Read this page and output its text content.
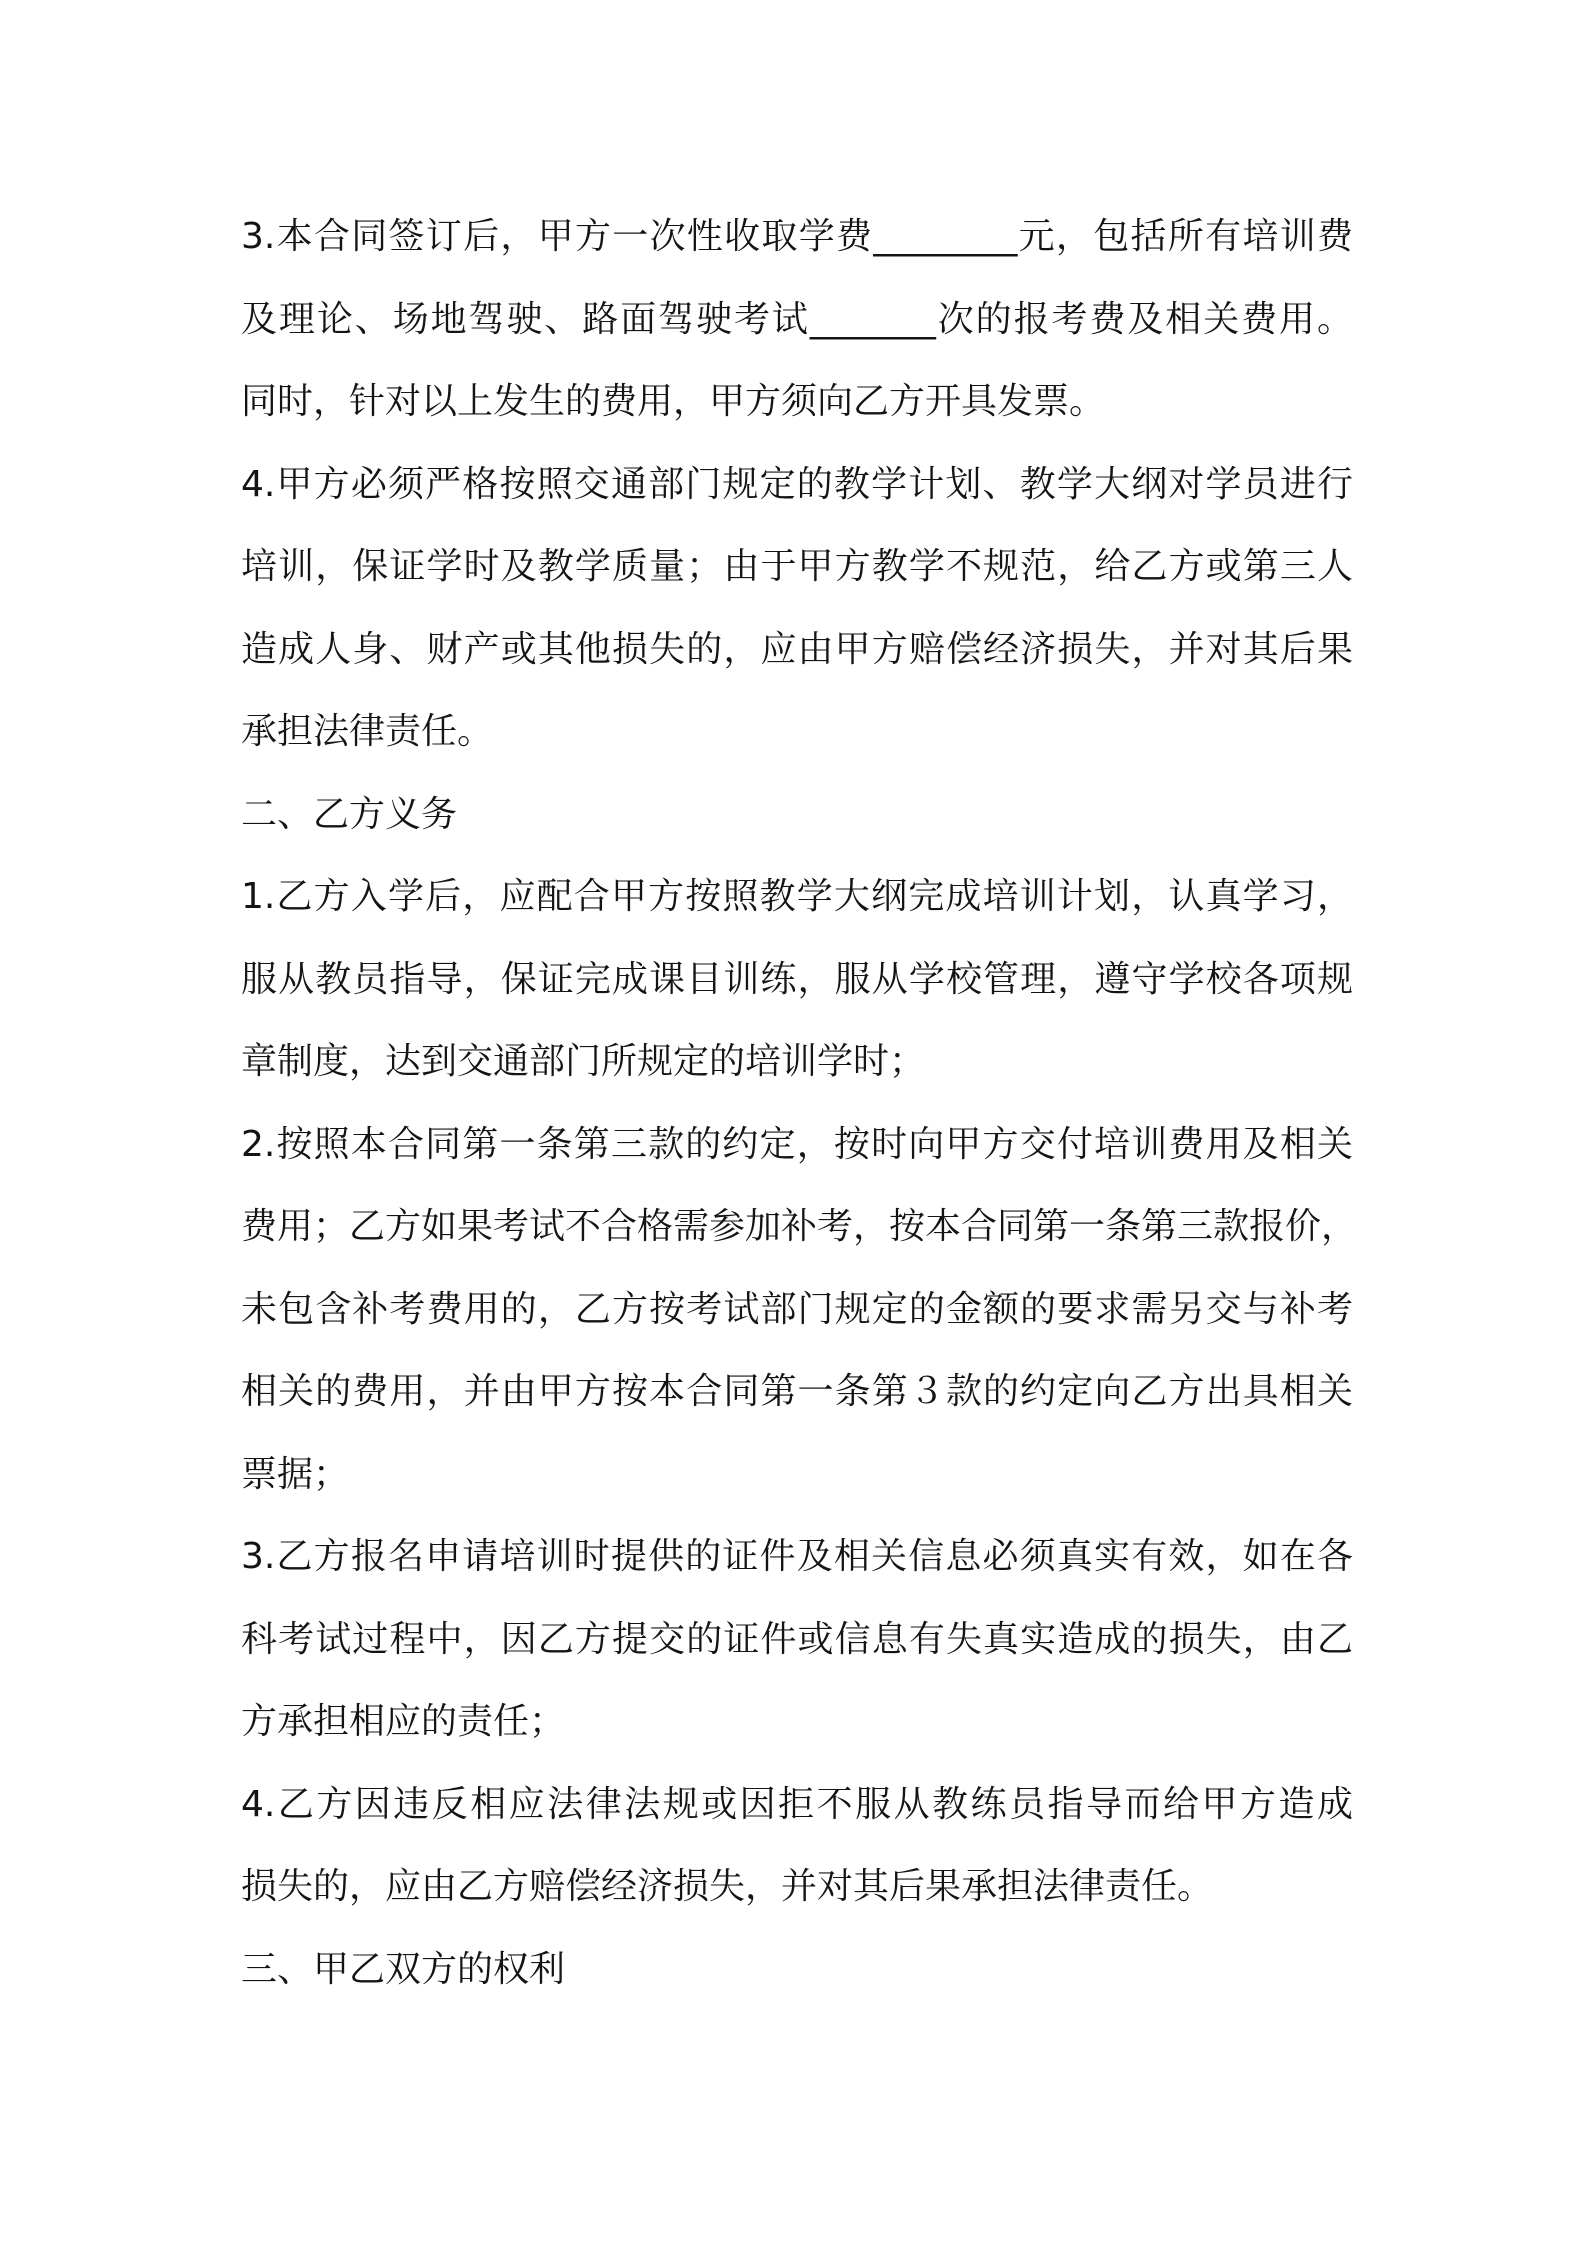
3.本合同签订后，甲方一次性收取学费________元，包括所有培训费
及理论、场地驾驶、路面驾驶考试_______次的报考费及相关费用。
同时，针对以上发生的费用，甲方须向乙方开具发票。
4.甲方必须严格按照交通部门规定的教学计划、教学大纲对学员进行
培训，保证学时及教学质量；由于甲方教学不规范，给乙方或第三人
造成人身、财产或其他损失的，应由甲方赔偿经济损失，并对其后果
承担法律责任。
二、乙方义务
1.乙方入学后，应配合甲方按照教学大纲完成培训计划，认真学习，
服从教员指导，保证完成课目训练，服从学校管理，遵守学校各项规
章制度，达到交通部门所规定的培训学时；
2.按照本合同第一条第三款的约定，按时向甲方交付培训费用及相关
费用；乙方如果考试不合格需参加补考，按本合同第一条第三款报价，
未包含补考费用的，乙方按考试部门规定的金额的要求需另交与补考
相关的费用，并由甲方按本合同第一条第３款的约定向乙方出具相关
票据；
3.乙方报名申请培训时提供的证件及相关信息必须真实有效，如在各
科考试过程中，因乙方提交的证件或信息有失真实造成的损失，由乙
方承担相应的责任；
4.乙方因违反相应法律法规或因拒不服从教练员指导而给甲方造成
损失的，应由乙方赔偿经济损失，并对其后果承担法律责任。
三、甲乙双方的权利
